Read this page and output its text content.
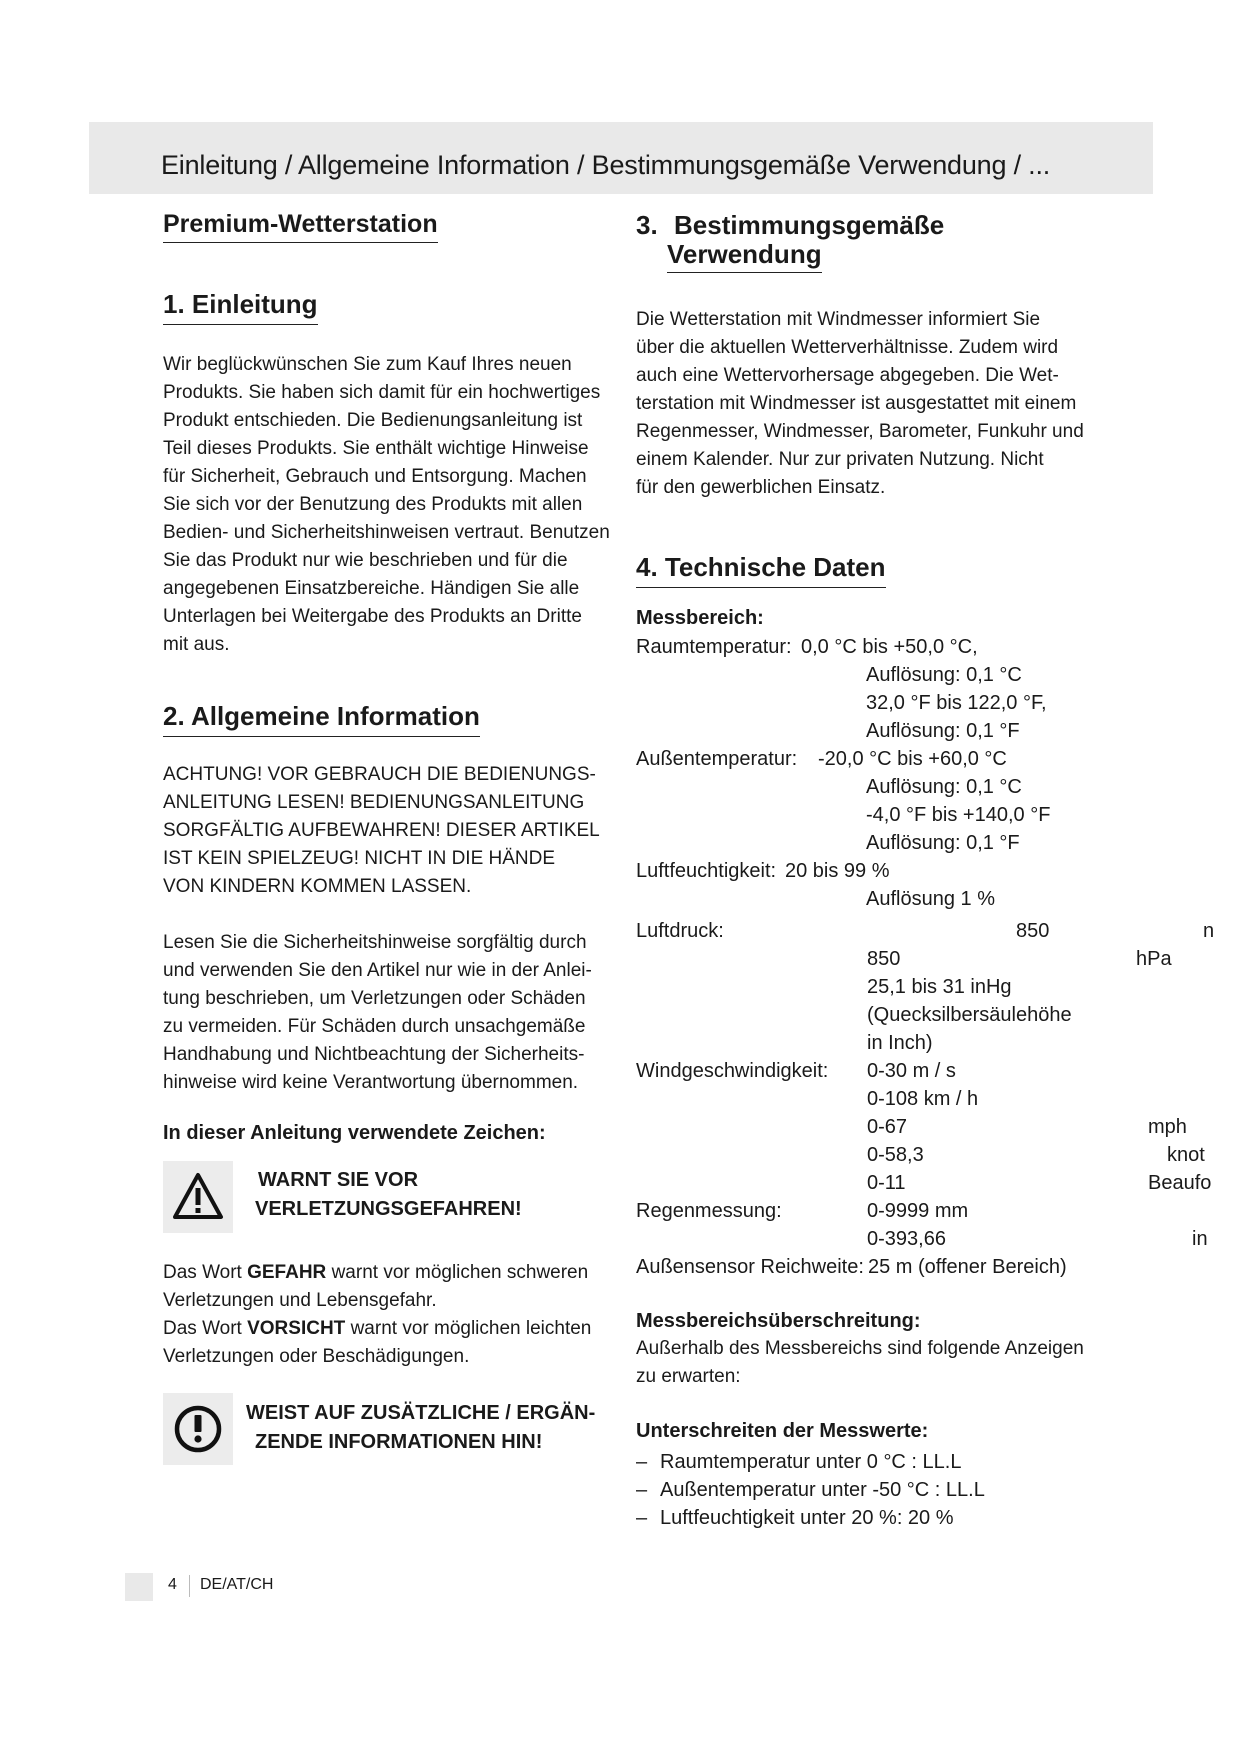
Einleitung / Allgemeine Information / Bestimmungsgemäße Verwendung / ...
Premium-Wetterstation
1. Einleitung
Wir beglückwünschen Sie zum Kauf Ihres neuen
Produkts. Sie haben sich damit für ein hochwertiges
Produkt entschieden. Die Bedienungsanleitung ist
Teil dieses Produkts. Sie enthält wichtige Hinweise
für Sicherheit, Gebrauch und Entsorgung. Machen
Sie sich vor der Benutzung des Produkts mit allen
Bedien- und Sicherheitshinweisen vertraut. Benutzen
Sie das Produkt nur wie beschrieben und für die
angegebenen Einsatzbereiche. Händigen Sie alle
Unterlagen bei Weitergabe des Produkts an Dritte
mit aus.
2. Allgemeine Information
ACHTUNG! VOR GEBRAUCH DIE BEDIENUNGS-
ANLEITUNG LESEN! BEDIENUNGSANLEITUNG
SORGFÄLTIG AUFBEWAHREN! DIESER ARTIKEL
IST KEIN SPIELZEUG! NICHT IN DIE HÄNDE
VON KINDERN KOMMEN LASSEN.
Lesen Sie die Sicherheitshinweise sorgfältig durch
und verwenden Sie den Artikel nur wie in der Anlei-
tung beschrieben, um Verletzungen oder Schäden
zu vermeiden. Für Schäden durch unsachgemäße
Handhabung und Nichtbeachtung der Sicherheits-
hinweise wird keine Verantwortung übernommen.
In dieser Anleitung verwendete Zeichen:
WARNT SIE VOR
VERLETZUNGSGEFAHREN!
Das Wort GEFAHR warnt vor möglichen schweren
Verletzungen und Lebensgefahr.
Das Wort VORSICHT warnt vor möglichen leichten
Verletzungen oder Beschädigungen.
WEIST AUF ZUSÄTZLICHE / ERGÄN-
ZENDE INFORMATIONEN HIN!
3. Bestimmungsgemäße
Verwendung
Die Wetterstation mit Windmesser informiert Sie
über die aktuellen Wetterverhältnisse. Zudem wird
auch eine Wettervorhersage abgegeben. Die Wet-
terstation mit Windmesser ist ausgestattet mit einem
Regenmesser, Windmesser, Barometer, Funkuhr und
einem Kalender. Nur zur privaten Nutzung. Nicht
für den gewerblichen Einsatz.
4. Technische Daten
Messbereich:
Raumtemperatur: 0,0 °C bis +50,0 °C,
Auflösung: 0,1 °C
32,0 °F bis 122,0 °F,
Auflösung: 0,1 °F
Außentemperatur: -20,0 °C bis +60,0 °C
Auflösung: 0,1 °C
-4,0 °F bis +140,0 °F
Auflösung: 0,1 °F
Luftfeuchtigkeit: 20 bis 99 %
Auflösung 1 %
Luftdruck:	850	n
850	hPa
25,1 bis 31 inHg
(Quecksilbersäulehöhe
in Inch)
Windgeschwindigkeit: 0-30 m / s
0-108 km / h
0-67	mph
0-58,3	knot
0-11	Beaufo
Regenmessung:	0-9999 mm
0-393,66	in
Außensensor Reichweite: 25 m (offener Bereich)
Messbereichsüberschreitung:
Außerhalb des Messbereichs sind folgende Anzeigen
zu erwarten:
Unterschreiten der Messwerte:
– Raumtemperatur unter 0 °C : LL.L
– Außentemperatur unter -50 °C : LL.L
– Luftfeuchtigkeit unter 20 %: 20 %
4 DE/AT/CH
